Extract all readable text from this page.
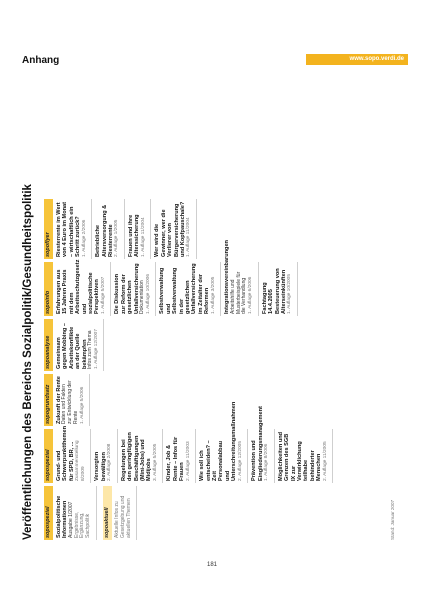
Anhang	www.sopo.verdi.de
Veröffentlichungen des Bereichs Sozialpolitik/Gesundheitspolitik sopospezial Sozialpolitische Informationen Ausgabe 1/2007 Ergebnisse, Ergänzung, Sachpolitik sopoaktuell Aktuelle Infos zu Gesetzgebung und aktuellen Themen
sopospezial Grund- und Schwerpunktthemen für SPD, BR, ... Zusammenstellung 8/2009 Versorgten bewältigen 2. Auflage 2/2008 Regelungen bei den geringfügigen Beschäftigungen (Mini-Jobs) und Midijobs 3. Auflage 5/2005 Kinder, Job & Rente – Infos für Frauen 2. Auflage 11/2003 Wie soll ich entscheiden? – Zeit Personalabbau und Unterschreitungsmaßnahmen 2. Auflage 12/2005 Prävention und Eingliederungsmanagement 1. Auflage 8/2006 Möglichkeiten und Grenzen des SGB IX zur Verwirklichung teilhabe behinderter Menschen 2. Auflage 11/2005
sopogrundsatz Zukunft der Rente Daten und Fakten zur Entwicklung der Rente 1. Auflage 5/2006
sopoanalyse Gemeinsam gegen Mobbing – Arbeitskonflikte an der Quelle bekämpfen Infos zum Thema 1. Auflage 12/2007
sopoinfo Erfahrungen aus 15 Jahren Praxis mit dem Arbeitsschutzgesetz und sozialpolitische Perspektiven 1. Auflage 5/2007 Die Diskussion zur Reform der gesetzlichen Unfallversicherung Dokumentation 1. Auflage 10/2006 Selbstverwaltung und Selbstverwaltung in der gesetzlichen Unfallversicherung im Zeitalter der Reformen 1. Auflage 3/2005 Integrationsvereinbarungen Arbeitshilfe und Musterbeispiele für die Verhandlung 1. Auflage 6/2006 Fachtagung 14.4.2005 Besteuerung von Alterseinkünften 1. Auflage 10/2005
sopoflyer Riesterrente im Wert von 4 Euro im Monat – wirtschaftlich ein Schritt zurück? 1. Auflage 2/2006 Betriebliche Altersversorgung & Riesterrente 2. Auflage 1/2005 Frauen und ihre Alterssicherung 1. Auflage 11/2004 Wer wird die Gewinner, wer die Verlierer von Bürgerversicherung und Kopfpauschale? 1. Auflage 11/2004
Stand: Januar 2007
181
